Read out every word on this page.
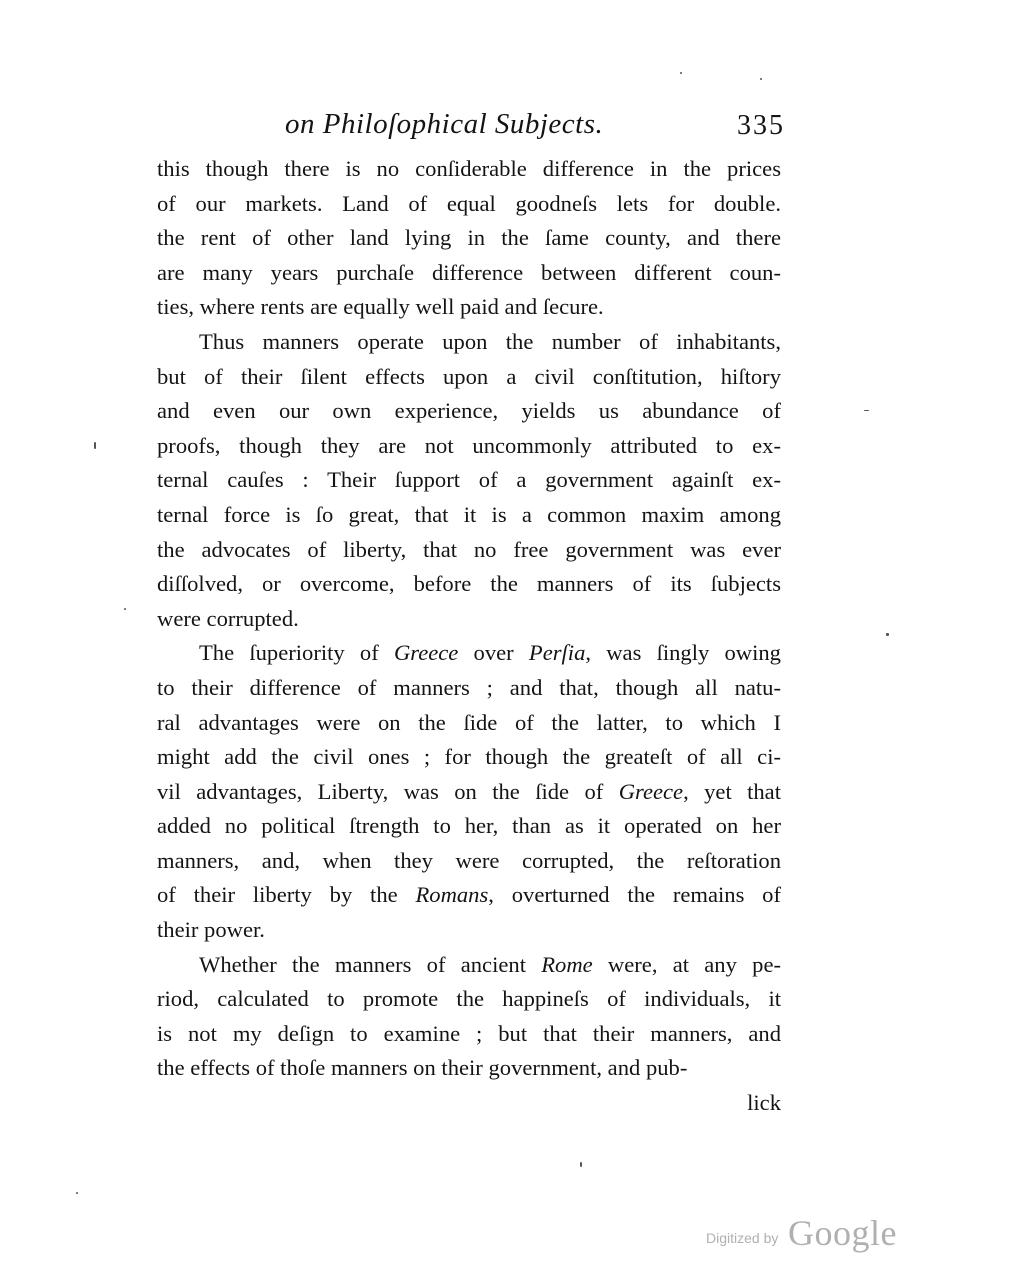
on Philoſophical Subjects.	335
this though there is no conſiderable difference in the prices
of our markets. Land of equal goodneſs lets for double.
the rent of other land lying in the ſame county, and there
are many years purchaſe difference between different coun-
ties, where rents are equally well paid and ſecure.
Thus manners operate upon the number of inhabitants,
but of their ſilent effects upon a civil conſtitution, hiſtory
and even our own experience, yields us abundance of
proofs, though they are not uncommonly attributed to ex-
ternal cauſes : Their ſupport of a government againſt ex-
ternal force is ſo great, that it is a common maxim among
the advocates of liberty, that no free government was ever
diſſolved, or overcome, before the manners of its ſubjects
were corrupted.
The ſuperiority of Greece over Perſia, was ſingly owing
to their difference of manners ; and that, though all natu-
ral advantages were on the ſide of the latter, to which I
might add the civil ones ; for though the greateſt of all ci-
vil advantages, Liberty, was on the ſide of Greece, yet that
added no political ſtrength to her, than as it operated on her
manners, and, when they were corrupted, the reſtoration
of their liberty by the Romans, overturned the remains of
their power.
Whether the manners of ancient Rome were, at any pe-
riod, calculated to promote the happineſs of individuals, it
is not my deſign to examine ; but that their manners, and
the effects of thoſe manners on their government, and pub-
lick
Digitized by Google
